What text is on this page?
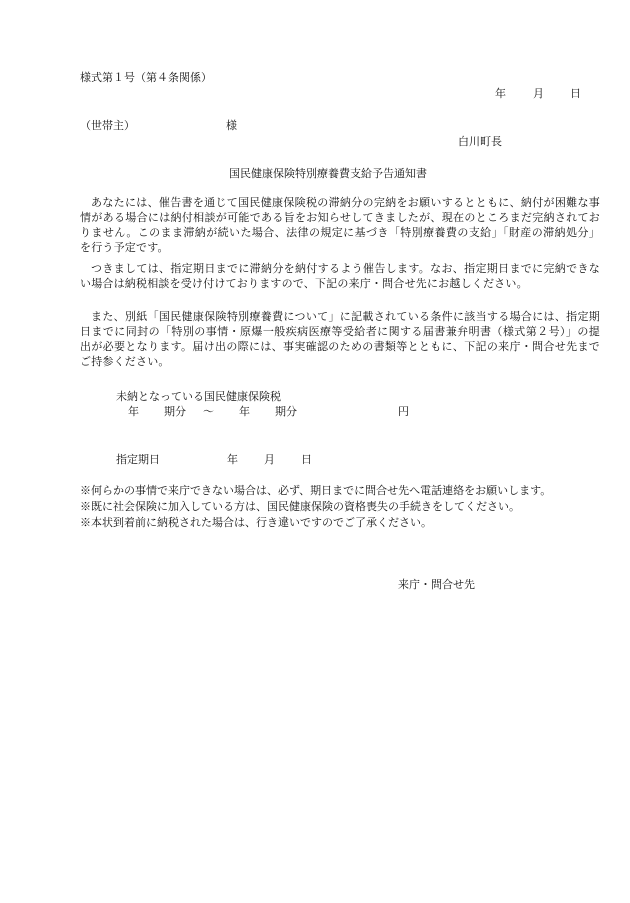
様式第１号（第４条関係）
年 月 日
（世帯主）	様
白川町長
国民健康保険特別療養費支給予告通知書
あなたには、催告書を通じて国民健康保険税の滞納分の完納をお願いするとともに、納付が困難な事情がある場合には納付相談が可能である旨をお知らせしてきましたが、現在のところまだ完納されておりません。このまま滞納が続いた場合、法律の規定に基づき「特別療養費の支給」「財産の滞納処分」を行う予定です。
つきましては、指定期日までに滞納分を納付するよう催告します。なお、指定期日までに完納できない場合は納税相談を受け付けておりますので、下記の来庁・問合せ先にお越しください。
また、別紙「国民健康保険特別療養費について」に記載されている条件に該当する場合には、指定期日までに同封の「特別の事情・原爆一般疾病医療等受給者に関する届書兼弁明書（様式第２号）」の提出が必要となります。届け出の際には、事実確認のための書類等とともに、下記の来庁・問合せ先までご持参ください。
未納となっている国民健康保険税
年 期分 〜 年 期分	円
指定期日	年 月 日
※何らかの事情で来庁できない場合は、必ず、期日までに問合せ先へ電話連絡をお願いします。
※既に社会保険に加入している方は、国民健康保険の資格喪失の手続きをしてください。
※本状到着前に納税された場合は、行き違いですのでご了承ください。
来庁・問合せ先
